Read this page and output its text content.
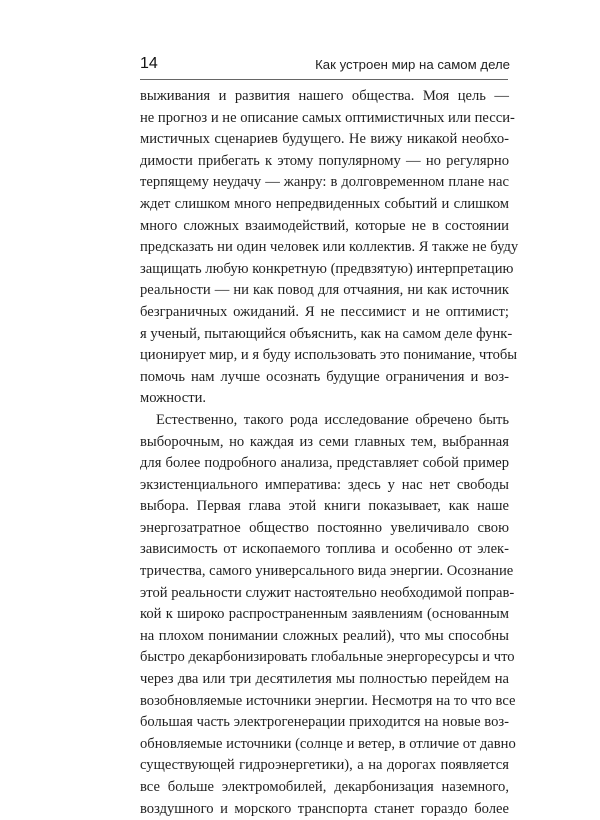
14	Как устроен мир на самом деле
выживания и развития нашего общества. Моя цель —
не прогноз и не описание самых оптимистичных или песси-
мистичных сценариев будущего. Не вижу никакой необхо-
димости прибегать к этому популярному — но регулярно
терпящему неудачу — жанру: в долговременном плане нас
ждет слишком много непредвиденных событий и слишком
много сложных взаимодействий, которые не в состоянии
предсказать ни один человек или коллектив. Я также не буду
защищать любую конкретную (предвзятую) интерпретацию
реальности — ни как повод для отчаяния, ни как источник
безграничных ожиданий. Я не пессимист и не оптимист;
я ученый, пытающийся объяснить, как на самом деле функ-
ционирует мир, и я буду использовать это понимание, чтобы
помочь нам лучше осознать будущие ограничения и воз-
можности.
Естественно, такого рода исследование обречено быть
выборочным, но каждая из семи главных тем, выбранная
для более подробного анализа, представляет собой пример
экзистенциального императива: здесь у нас нет свободы
выбора. Первая глава этой книги показывает, как наше
энергозатратное общество постоянно увеличивало свою
зависимость от ископаемого топлива и особенно от элек-
тричества, самого универсального вида энергии. Осознание
этой реальности служит настоятельно необходимой поправ-
кой к широко распространенным заявлениям (основанным
на плохом понимании сложных реалий), что мы способны
быстро декарбонизировать глобальные энергоресурсы и что
через два или три десятилетия мы полностью перейдем на
возобновляемые источники энергии. Несмотря на то что все
большая часть электрогенерации приходится на новые воз-
обновляемые источники (солнце и ветер, в отличие от давно
существующей гидроэнергетики), а на дорогах появляется
все больше электромобилей, декарбонизация наземного,
воздушного и морского транспорта станет гораздо более
